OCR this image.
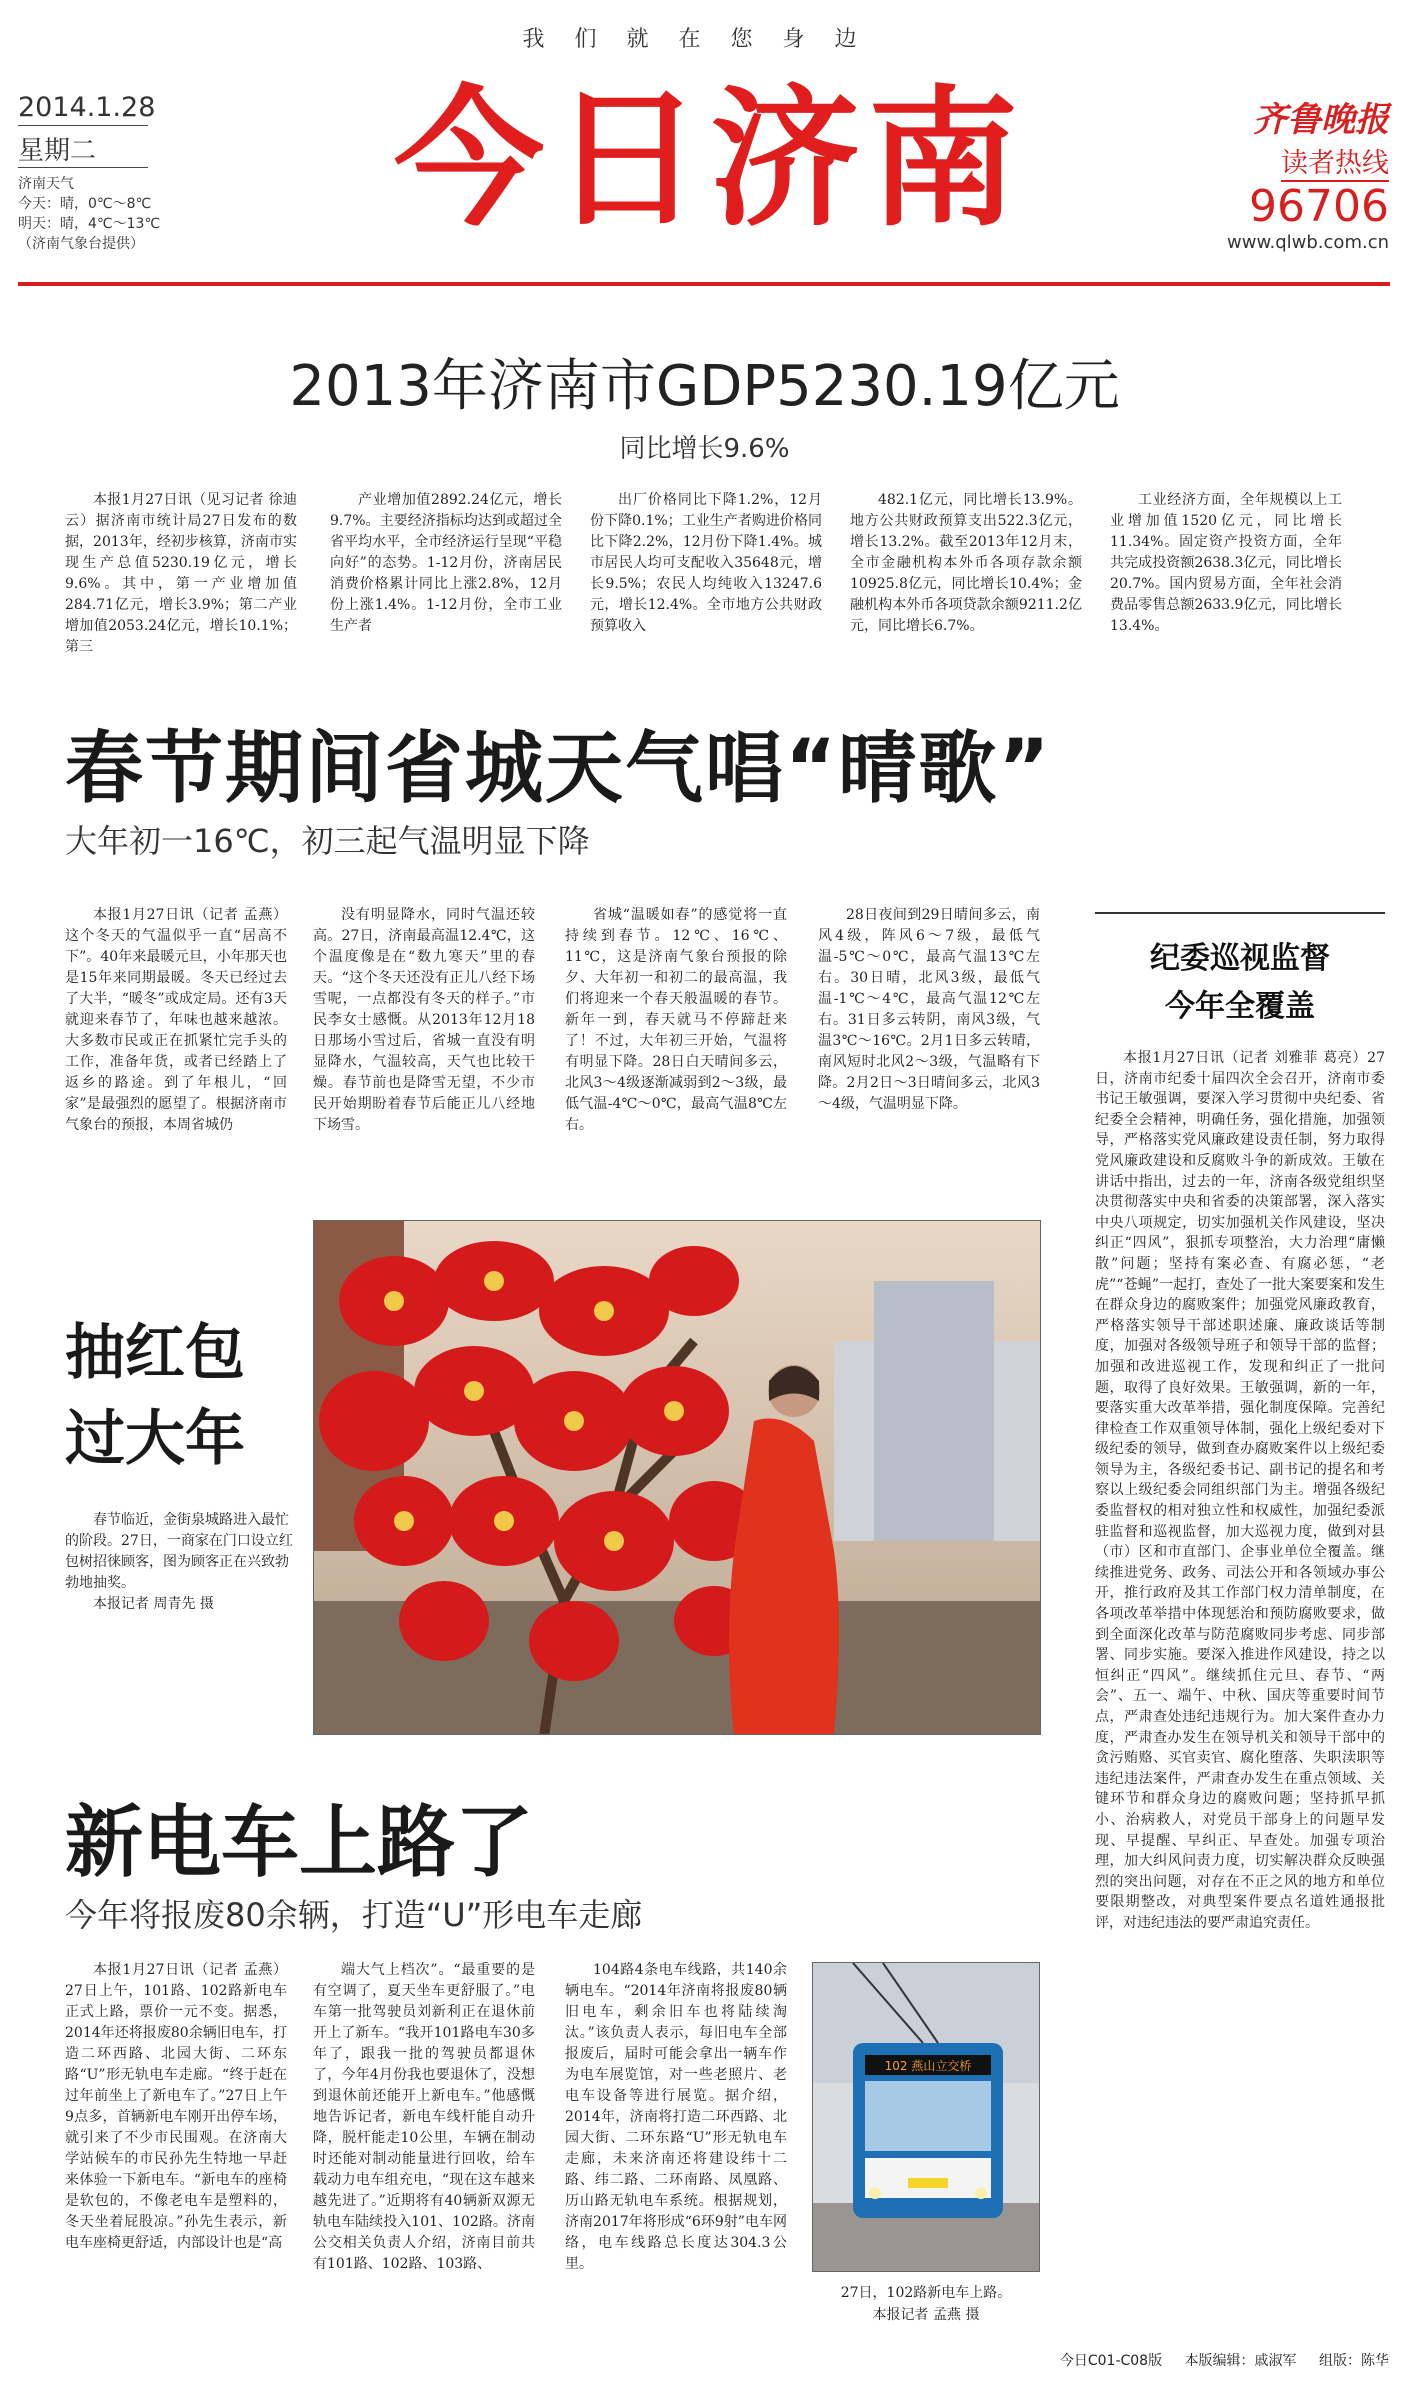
我们就在您身边
2014.1.28
星期二
济南天气
今天：晴，0℃～8℃
明天：晴，4℃～13℃
（济南气象台提供） 今日济南	齐鲁晚报
读者热线
96706
www.qlwb.com.cn
2013年济南市GDP5230.19亿元
同比增长9.6%

本报1月27日讯（见习记者 徐迪云）据济南市统计局27日发布的数据，2013年，经初步核算，济南市实现生产总值5230.19亿元，增长9.6%。其中，第一产业增加值284.71亿元，增长3.9%；第二产业增加值2053.24亿元，增长10.1%；第三

产业增加值2892.24亿元，增长9.7%。主要经济指标均达到或超过全省平均水平，全市经济运行呈现“平稳向好”的态势。1-12月份，济南居民消费价格累计同比上涨2.8%，12月份上涨1.4%。1-12月份，全市工业生产者

出厂价格同比下降1.2%，12月份下降0.1%；工业生产者购进价格同比下降2.2%，12月份下降1.4%。城市居民人均可支配收入35648元，增长9.5%；农民人均纯收入13247.6元，增长12.4%。全市地方公共财政预算收入

482.1亿元，同比增长13.9%。地方公共财政预算支出522.3亿元，增长13.2%。截至2013年12月末，全市金融机构本外币各项存款余额10925.8亿元，同比增长10.4%；金融机构本外币各项贷款余额9211.2亿元，同比增长6.7%。

工业经济方面，全年规模以上工业增加值1520亿元，同比增长11.34%。固定资产投资方面，全年共完成投资额2638.3亿元，同比增长20.7%。国内贸易方面，全年社会消费品零售总额2633.9亿元，同比增长13.4%。

春节期间省城天气唱“晴歌”
大年初一16℃，初三起气温明显下降

本报1月27日讯（记者 孟燕）这个冬天的气温似乎一直“居高不下”。40年来最暖元旦，小年那天也是15年来同期最暖。冬天已经过去了大半，“暖冬”或成定局。还有3天就迎来春节了，年味也越来越浓。大多数市民或正在抓紧忙完手头的工作，准备年货，或者已经踏上了返乡的路途。到了年根儿，“回家”是最强烈的愿望了。根据济南市气象台的预报，本周省城仍

没有明显降水，同时气温还较高。27日，济南最高温12.4℃，这个温度像是在“数九寒天”里的春天。“这个冬天还没有正儿八经下场雪呢，一点都没有冬天的样子。”市民李女士感慨。从2013年12月18日那场小雪过后，省城一直没有明显降水，气温较高，天气也比较干燥。春节前也是降雪无望，不少市民开始期盼着春节后能正儿八经地下场雪。

省城“温暖如春”的感觉将一直持续到春节。12℃、16℃、11℃，这是济南气象台预报的除夕、大年初一和初二的最高温，我们将迎来一个春天般温暖的春节。新年一到，春天就马不停蹄赶来了！不过，大年初三开始，气温将有明显下降。28日白天晴间多云，北风3～4级逐渐减弱到2～3级，最低气温-4℃～0℃，最高气温8℃左右。

28日夜间到29日晴间多云，南风4级，阵风6～7级，最低气温-5℃～0℃，最高气温13℃左右。30日晴，北风3级，最低气温-1℃～4℃，最高气温12℃左右。31日多云转阴，南风3级，气温3℃～16℃。2月1日多云转晴，南风短时北风2～3级，气温略有下降。2月2日～3日晴间多云，北风3～4级，气温明显下降。

纪委巡视监督
今年全覆盖

本报1月27日讯（记者 刘雅菲 葛亮）27日，济南市纪委十届四次全会召开，济南市委书记王敏强调，要深入学习贯彻中央纪委、省纪委全会精神，明确任务，强化措施，加强领导，严格落实党风廉政建设责任制，努力取得党风廉政建设和反腐败斗争的新成效。王敏在讲话中指出，过去的一年，济南各级党组织坚决贯彻落实中央和省委的决策部署，深入落实中央八项规定，切实加强机关作风建设，坚决纠正“四风”，狠抓专项整治，大力治理“庸懒散”问题；坚持有案必查、有腐必惩，“老虎”“苍蝇”一起打，查处了一批大案要案和发生在群众身边的腐败案件；加强党风廉政教育，严格落实领导干部述职述廉、廉政谈话等制度，加强对各级领导班子和领导干部的监督；加强和改进巡视工作，发现和纠正了一批问题，取得了良好效果。王敏强调，新的一年，要落实重大改革举措，强化制度保障。完善纪律检查工作双重领导体制，强化上级纪委对下级纪委的领导，做到查办腐败案件以上级纪委领导为主，各级纪委书记、副书记的提名和考察以上级纪委会同组织部门为主。增强各级纪委监督权的相对独立性和权威性，加强纪委派驻监督和巡视监督，加大巡视力度，做到对县（市）区和市直部门、企事业单位全覆盖。继续推进党务、政务、司法公开和各领域办事公开，推行政府及其工作部门权力清单制度，在各项改革举措中体现惩治和预防腐败要求，做到全面深化改革与防范腐败同步考虑、同步部署、同步实施。要深入推进作风建设，持之以恒纠正“四风”。继续抓住元旦、春节、“两会”、五一、端午、中秋、国庆等重要时间节点，严肃查处违纪违规行为。加大案件查办力度，严肃查办发生在领导机关和领导干部中的贪污贿赂、买官卖官、腐化堕落、失职渎职等违纪违法案件，严肃查办发生在重点领域、关键环节和群众身边的腐败问题；坚持抓早抓小、治病救人，对党员干部身上的问题早发现、早提醒、早纠正、早查处。加强专项治理，加大纠风问责力度，切实解决群众反映强烈的突出问题，对存在不正之风的地方和单位要限期整改，对典型案件要点名道姓通报批评，对违纪违法的要严肃追究责任。

抽红包
过大年

春节临近，金街泉城路进入最忙的阶段。27日，一商家在门口设立红包树招徕顾客，图为顾客正在兴致勃勃地抽奖。

本报记者 周青先 摄

新电车上路了
今年将报废80余辆，打造“U”形电车走廊

本报1月27日讯（记者 孟燕）27日上午，101路、102路新电车正式上路，票价一元不变。据悉，2014年还将报废80余辆旧电车，打造二环西路、北园大街、二环东路“U”形无轨电车走廊。“终于赶在过年前坐上了新电车了。”27日上午9点多，首辆新电车刚开出停车场，就引来了不少市民围观。在济南大学站候车的市民孙先生特地一早赶来体验一下新电车。“新电车的座椅是软包的，不像老电车是塑料的，冬天坐着屁股凉。”孙先生表示，新电车座椅更舒适，内部设计也是“高

端大气上档次”。“最重要的是有空调了，夏天坐车更舒服了。”电车第一批驾驶员刘新利正在退休前开上了新车。“我开101路电车30多年了，跟我一批的驾驶员都退休了，今年4月份我也要退休了，没想到退休前还能开上新电车。”他感慨地告诉记者，新电车线杆能自动升降，脱杆能走10公里，车辆在制动时还能对制动能量进行回收，给车载动力电车组充电，“现在这车越来越先进了。”近期将有40辆新双源无轨电车陆续投入101、102路。济南公交相关负责人介绍，济南目前共有101路、102路、103路、

104路4条电车线路，共140余辆电车。“2014年济南将报废80辆旧电车，剩余旧车也将陆续淘汰。”该负责人表示，每旧电车全部报废后，届时可能会拿出一辆车作为电车展览馆，对一些老照片、老电车设备等进行展览。据介绍，2014年，济南将打造二环西路、北园大街、二环东路“U”形无轨电车走廊，未来济南还将建设纬十二路、纬二路、二环南路、凤凰路、历山路无轨电车系统。根据规划，济南2017年将形成“6环9射”电车网络，电车线路总长度达304.3公里。

102 燕山立交桥
27日，102路新电车上路。
本报记者 孟燕 摄
今日C01-C08版 本版编辑：戚淑军 组版：陈华
